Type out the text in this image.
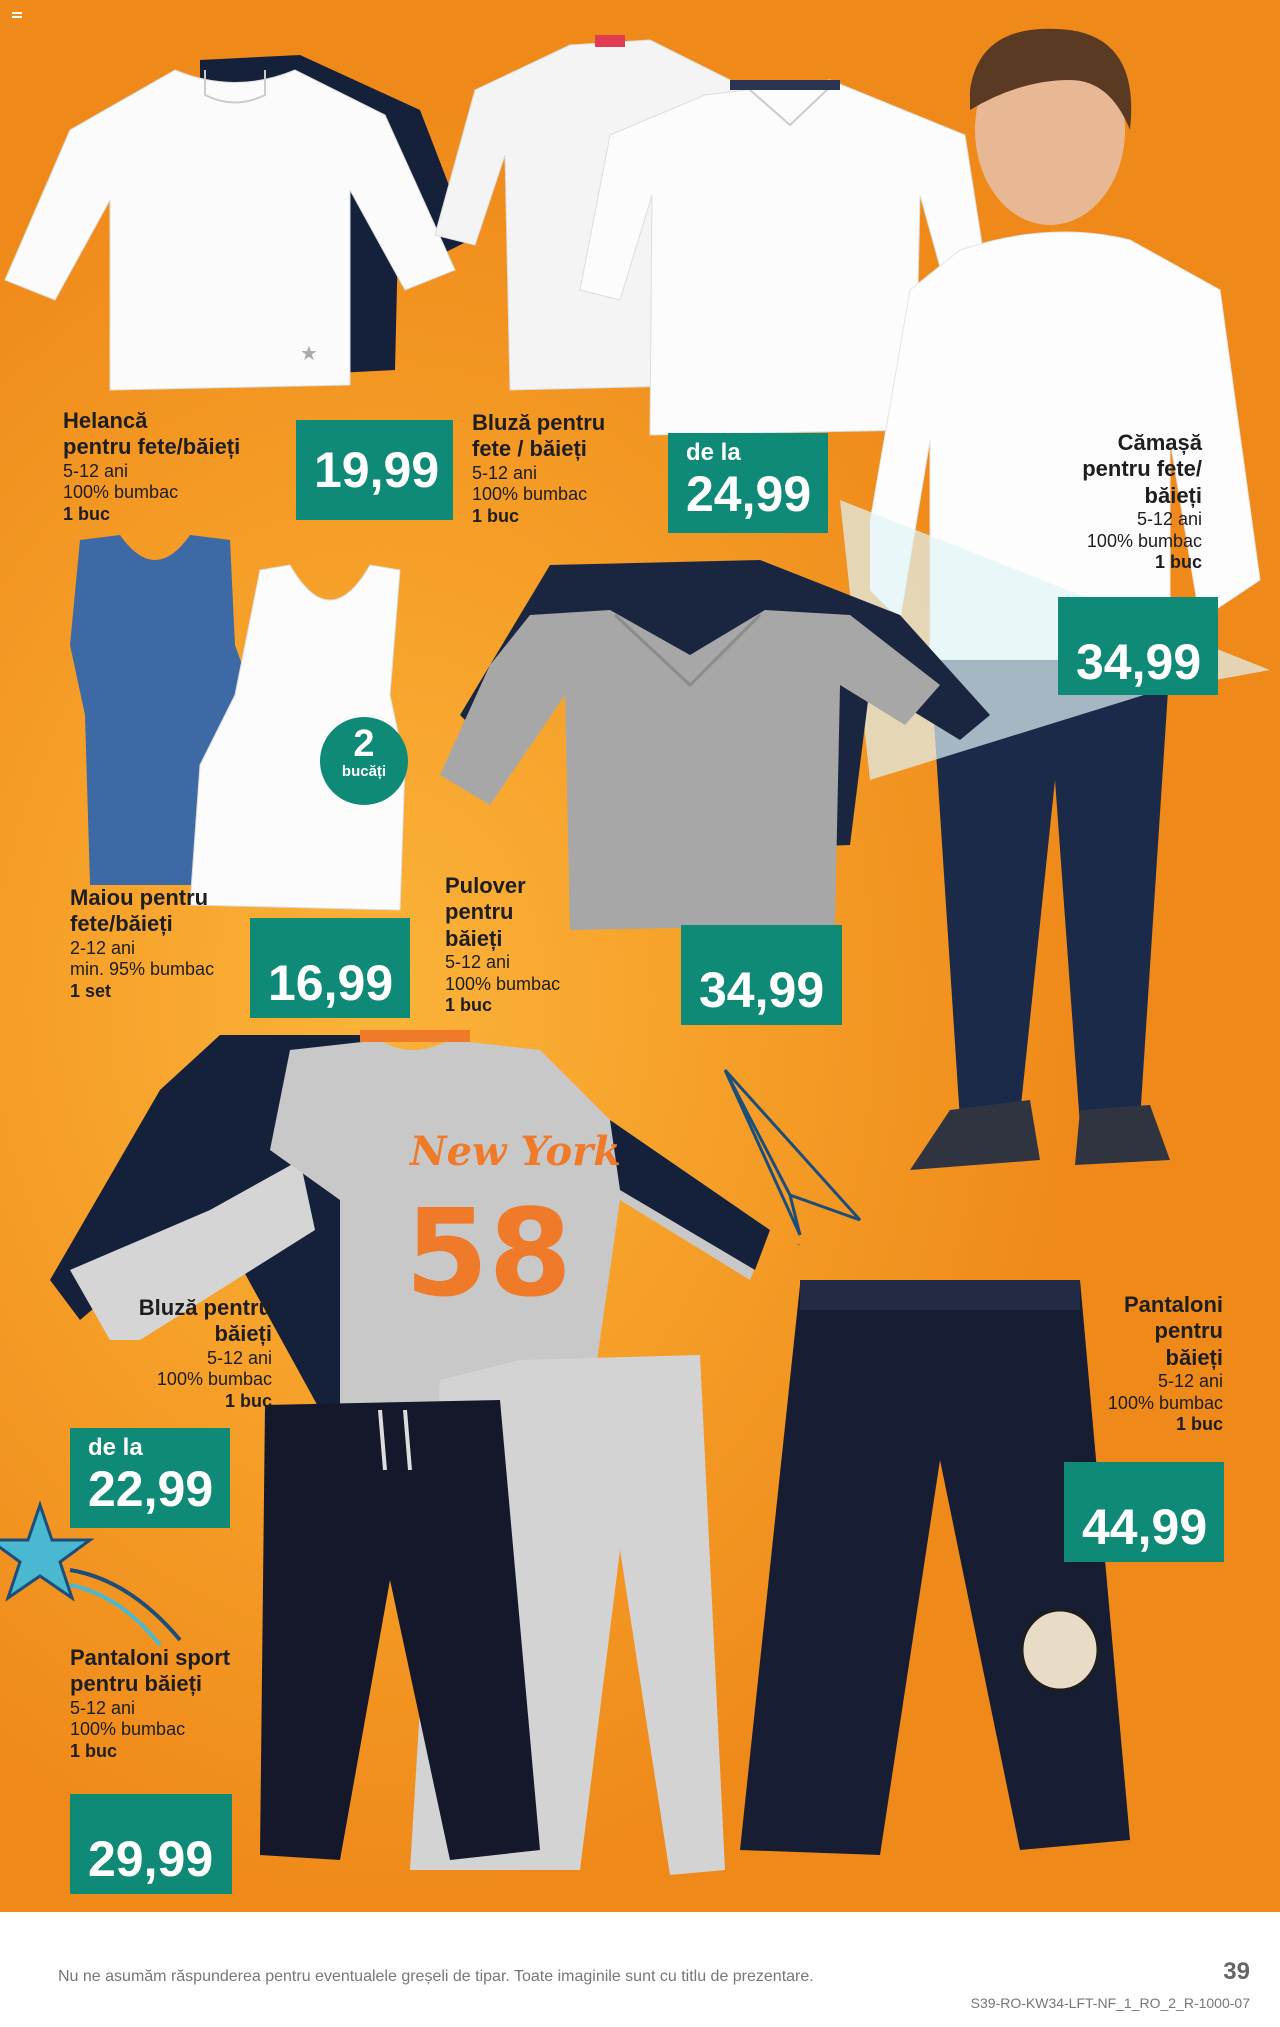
★
New York
58
Helancă
pentru fete/băieți
5-12 ani
100% bumbac
1 buc
19,99
Bluză pentru
fete / băieți
5-12 ani
100% bumbac
1 buc
de la
24,99
Cămașă
pentru fete/
băieți
5-12 ani
100% bumbac
1 buc
34,99
2
bucăți
Maiou pentru
fete/băieți
2-12 ani
min. 95% bumbac
1 set	16,99
Pulover
pentru
băieți
5-12 ani
100% bumbac
1 buc	34,99
Bluză pentru
băieți
5-12 ani
100% bumbac
1 buc
de la
22,99
Pantaloni
pentru
băieți
5-12 ani
100% bumbac
1 buc
44,99
Pantaloni sport
pentru băieți
5-12 ani
100% bumbac
1 buc
29,99
Nu ne asumăm răspunderea pentru eventualele greșeli de tipar. Toate imaginile sunt cu titlu de prezentare.	39
S39-RO-KW34-LFT-NF_1_RO_2_R-1000-07
